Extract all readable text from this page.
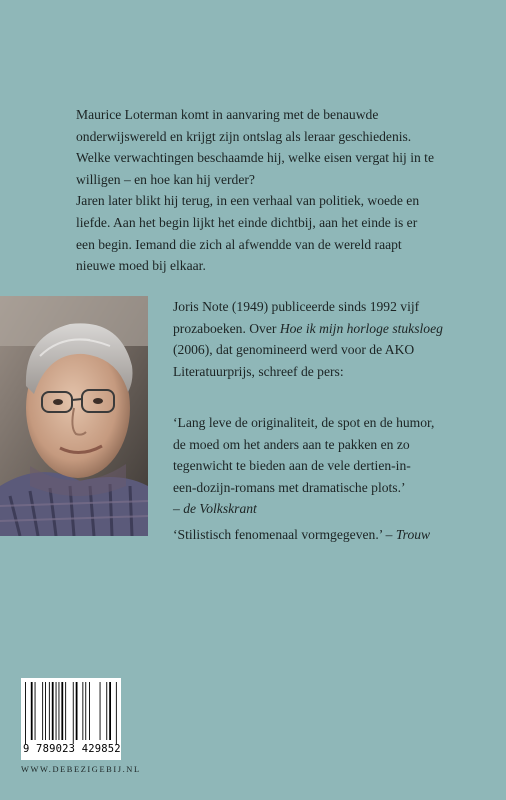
Maurice Loterman komt in aanvaring met de benauwde

onderwijswereld en krijgt zijn ontslag als leraar geschiedenis.

Welke verwachtingen beschaamde hij, welke eisen vergat hij in te

willigen – en hoe kan hij verder?

Jaren later blikt hij terug, in een verhaal van politiek, woede en

liefde. Aan het begin lijkt het einde dichtbij, aan het einde is er

een begin. Iemand die zich al afwendde van de wereld raapt

nieuwe moed bij elkaar.

Joris Note (1949) publiceerde sinds 1992 vijf

prozaboeken. Over Hoe ik mijn horloge stuksloeg

(2006), dat genomineerd werd voor de AKO

Literatuurprijs, schreef de pers:

‘Lang leve de originaliteit, de spot en de humor,

de moed om het anders aan te pakken en zo

tegenwicht te bieden aan de vele dertien-in-

een-dozijn-romans met dramatische plots.’

– de Volkskrant

‘Stilistisch fenomenaal vormgegeven.’ – Trouw

9 789023 429852
WWW.DEBEZIGEBIJ.NL
